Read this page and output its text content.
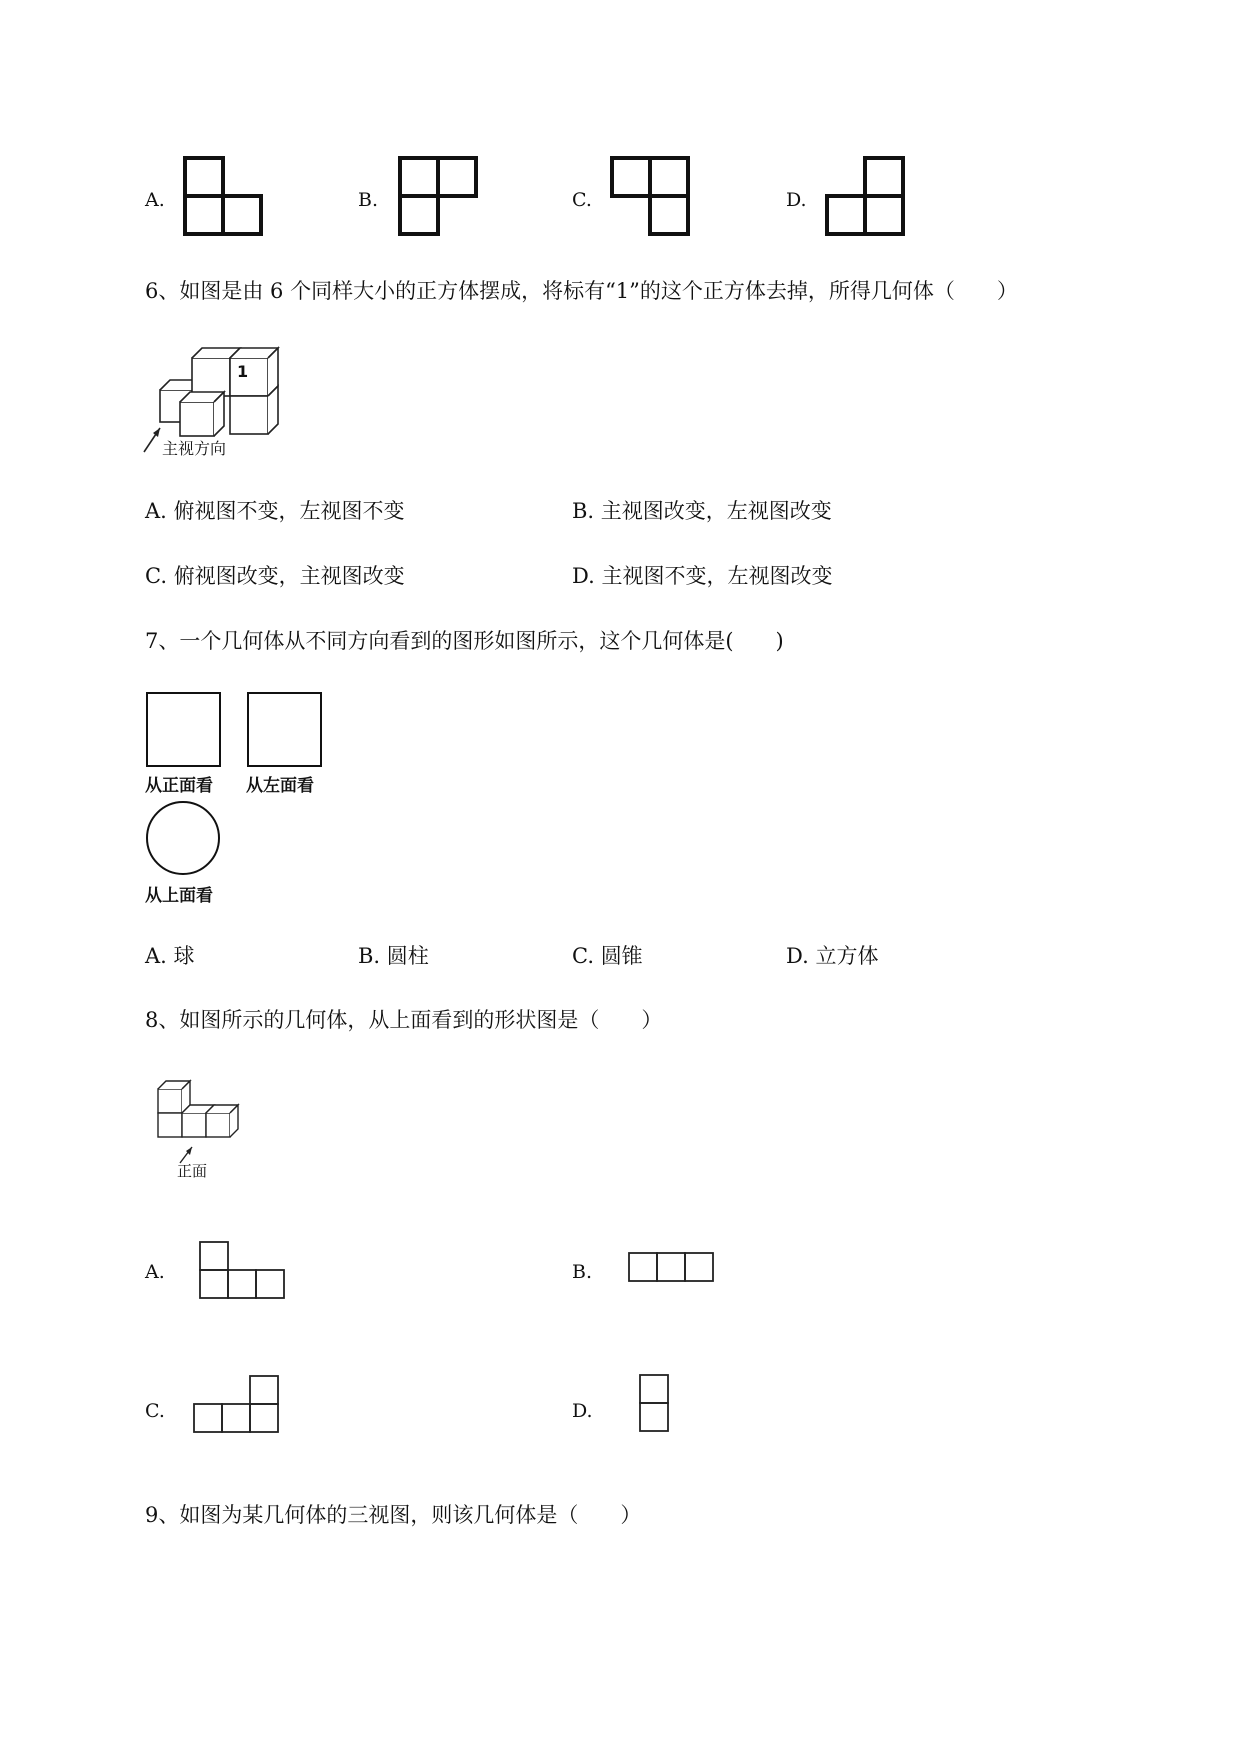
A.	B.	C.	D.
6、如图是由 6 个同样大小的正方体摆成，将标有“1”的这个正方体去掉，所得几何体（　　）
1
主视方向
A. 俯视图不变，左视图不变	B. 主视图改变，左视图改变
C. 俯视图改变，主视图改变	D. 主视图不变，左视图改变
7、一个几何体从不同方向看到的图形如图所示，这个几何体是(　　)
从正面看 从左面看
从上面看
A. 球	B. 圆柱	C. 圆锥	D. 立方体
8、如图所示的几何体，从上面看到的形状图是（　　）
正面
A.	B.
C.	D.
9、如图为某几何体的三视图，则该几何体是（　　）
